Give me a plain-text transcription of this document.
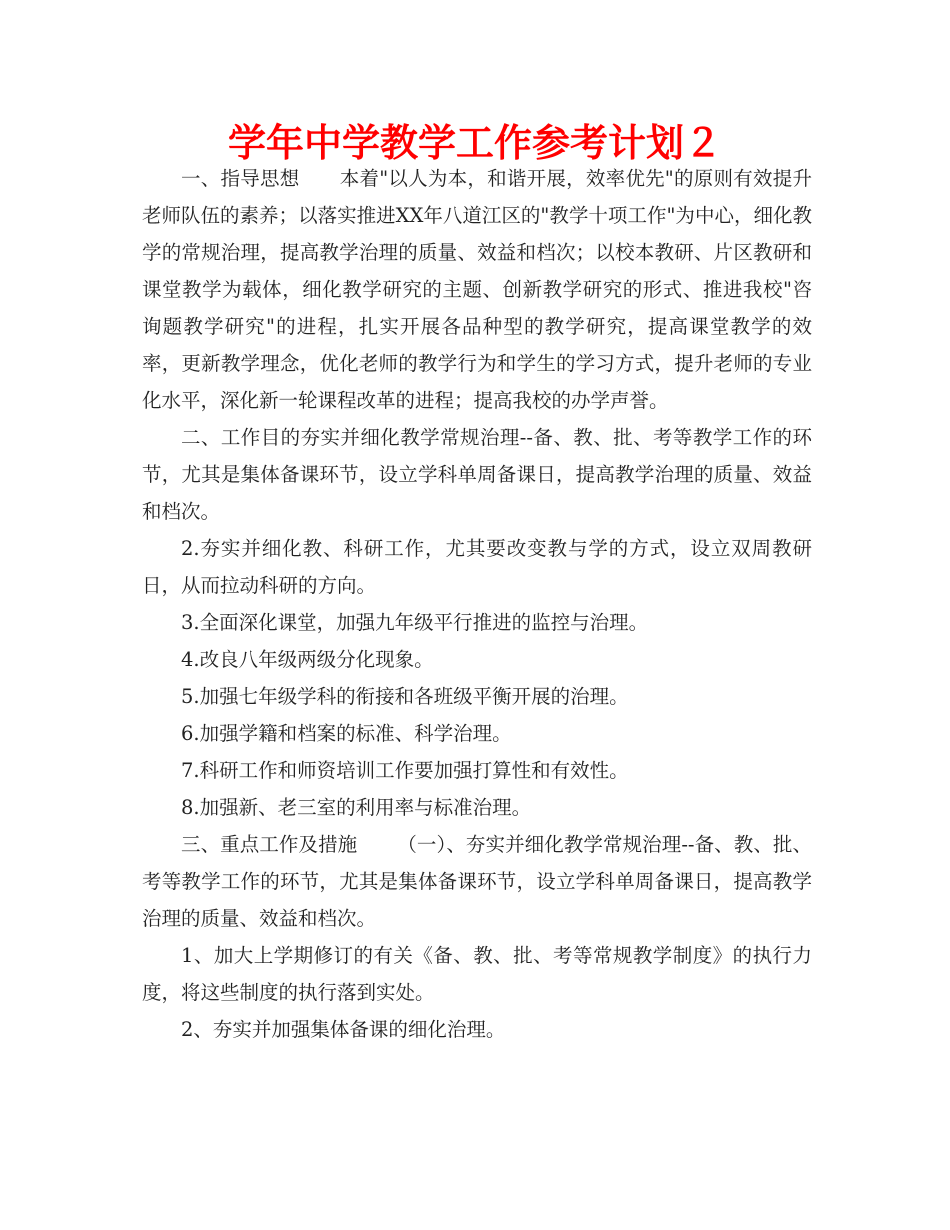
学年中学教学工作参考计划２

一、指导思想 本着"以人为本，和谐开展，效率优先"的原则有效提升老师队伍的素养；以落实推进XX年八道江区的"教学十项工作"为中心，细化教学的常规治理，提高教学治理的质量、效益和档次；以校本教研、片区教研和课堂教学为载体，细化教学研究的主题、创新教学研究的形式、推进我校"咨询题教学研究"的进程，扎实开展各品种型的教学研究，提高课堂教学的效率，更新教学理念，优化老师的教学行为和学生的学习方式，提升老师的专业化水平，深化新一轮课程改革的进程；提高我校的办学声誉。

二、工作目的夯实并细化教学常规治理--备、教、批、考等教学工作的环节，尤其是集体备课环节，设立学科单周备课日，提高教学治理的质量、效益和档次。

2.夯实并细化教、科研工作，尤其要改变教与学的方式，设立双周教研日，从而拉动科研的方向。

3.全面深化课堂，加强九年级平行推进的监控与治理。

4.改良八年级两级分化现象。

5.加强七年级学科的衔接和各班级平衡开展的治理。

6.加强学籍和档案的标准、科学治理。

7.科研工作和师资培训工作要加强打算性和有效性。

8.加强新、老三室的利用率与标准治理。

三、重点工作及措施 （一）、夯实并细化教学常规治理--备、教、批、考等教学工作的环节，尤其是集体备课环节，设立学科单周备课日，提高教学治理的质量、效益和档次。

1、加大上学期修订的有关《备、教、批、考等常规教学制度》的执行力度，将这些制度的执行落到实处。

2、夯实并加强集体备课的细化治理。
